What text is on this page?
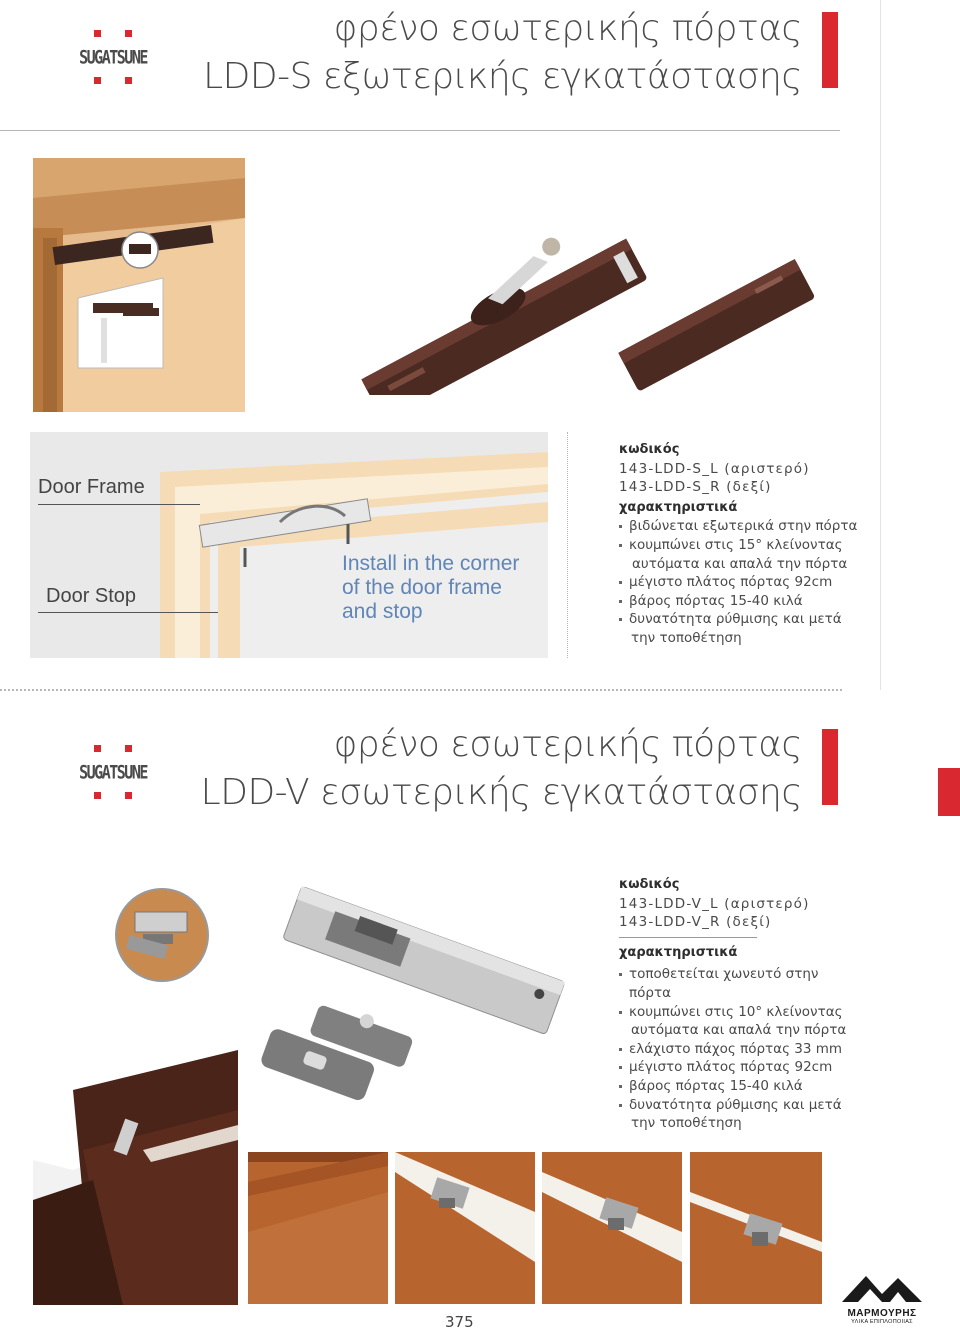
SUGATSUNE
φρένο εσωτερικής πόρτας
LDD-S εξωτερικής εγκατάστασης
Door Frame
Door Stop
Install in the corner
of the door frame
and stop
κωδικός
143-LDD-S_L (αριστερό)
143-LDD-S_R (δεξί)
χαρακτηριστικά
βιδώνεται εξωτερικά στην πόρτα
κουμπώνει στις 15° κλείνοντας
αυτόματα και απαλά την πόρτα
μέγιστο πλάτος πόρτας 92cm
βάρος πόρτας 15-40 κιλά
δυνατότητα ρύθμισης και μετά
την τοποθέτηση
SUGATSUNE
φρένο εσωτερικής πόρτας
LDD-V εσωτερικής εγκατάστασης
κωδικός
143-LDD-V_L (αριστερό)
143-LDD-V_R (δεξί)
χαρακτηριστικά
τοποθετείται χωνευτό στην πόρτα
κουμπώνει στις 10° κλείνοντας
αυτόματα και απαλά την πόρτα
ελάχιστο πάχος πόρτας 33 mm
μέγιστο πλάτος πόρτας 92cm
βάρος πόρτας 15-40 κιλά
δυνατότητα ρύθμισης και μετά
την τοποθέτηση
375	ΜΑΡΜΟΥΡΗΣ
ΥΛΙΚΑ ΕΠΙΠΛΟΠΟΙΙΑΣ
